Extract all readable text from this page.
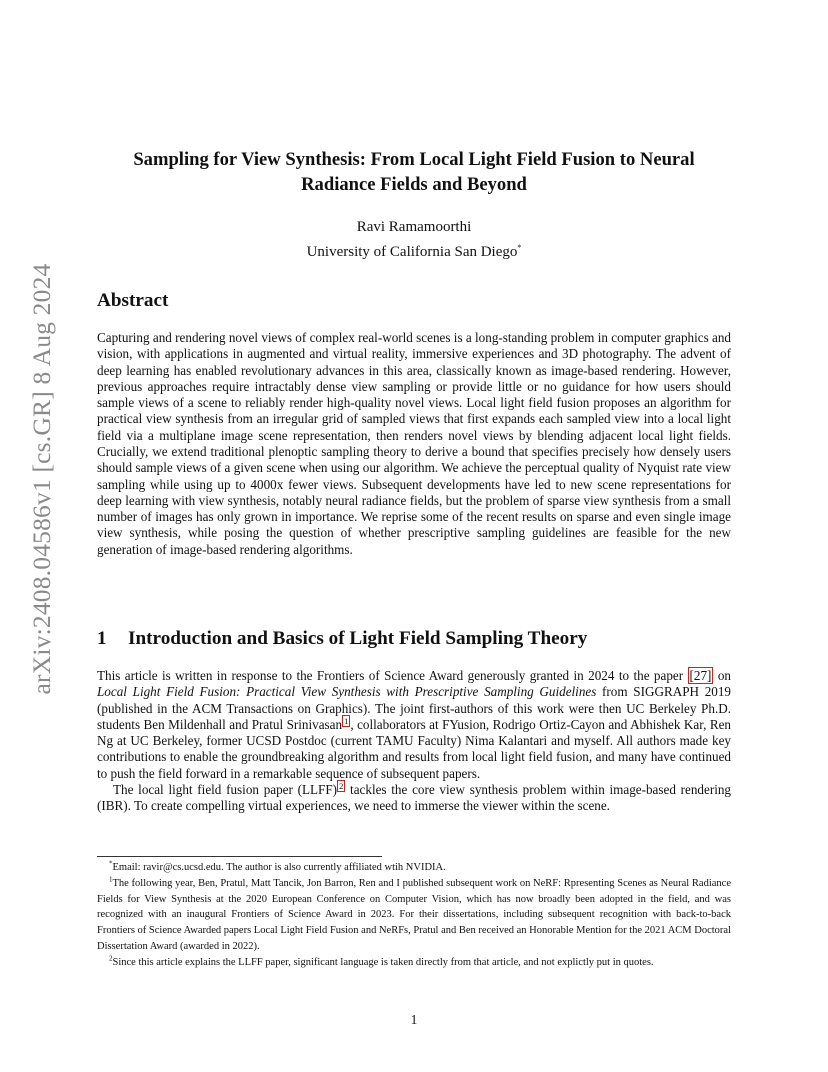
arXiv:2408.04586v1 [cs.GR] 8 Aug 2024
Sampling for View Synthesis: From Local Light Field Fusion to Neural
Radiance Fields and Beyond
Ravi Ramamoorthi
University of California San Diego*
Abstract
Capturing and rendering novel views of complex real-world scenes is a long-standing problem in computer graphics and vision, with applications in augmented and virtual reality, immersive experiences and 3D photography. The advent of deep learning has enabled revolutionary advances in this area, classically known as image-based rendering. However, previous approaches require intractably dense view sampling or provide little or no guidance for how users should sample views of a scene to reliably render high-quality novel views. Local light field fusion proposes an algorithm for practical view synthesis from an irregular grid of sampled views that first expands each sampled view into a local light field via a multiplane image scene representation, then renders novel views by blending adjacent local light fields. Crucially, we extend traditional plenoptic sampling theory to derive a bound that specifies precisely how densely users should sample views of a given scene when using our algorithm. We achieve the perceptual quality of Nyquist rate view sampling while using up to 4000x fewer views. Subsequent developments have led to new scene representations for deep learning with view synthesis, notably neural radiance fields, but the problem of sparse view synthesis from a small number of images has only grown in importance. We reprise some of the recent results on sparse and even single image view synthesis, while posing the question of whether prescriptive sampling guidelines are feasible for the new generation of image-based rendering algorithms.
1 Introduction and Basics of Light Field Sampling Theory

This article is written in response to the Frontiers of Science Award generously granted in 2024 to the paper [27] on Local Light Field Fusion: Practical View Synthesis with Prescriptive Sampling Guidelines from SIGGRAPH 2019 (published in the ACM Transactions on Graphics). The joint first-authors of this work were then UC Berkeley Ph.D. students Ben Mildenhall and Pratul Srinivasan $^1$ , collaborators at FYusion, Rodrigo Ortiz-Cayon and Abhishek Kar, Ren Ng at UC Berkeley, former UCSD Postdoc (current TAMU Faculty) Nima Kalantari and myself. All authors made key contributions to enable the groundbreaking algorithm and results from local light field fusion, and many have continued to push the field forward in a remarkable sequence of subsequent papers.

The local light field fusion paper (LLFF) $^2$ tackles the core view synthesis problem within image-based rendering (IBR). To create compelling virtual experiences, we need to immerse the viewer within the scene.

*Email: ravir@cs.ucsd.edu. The author is also currently affiliated wtih NVIDIA.

$^1$The following year, Ben, Pratul, Matt Tancik, Jon Barron, Ren and I published subsequent work on NeRF: Rpresenting Scenes as Neural Radiance Fields for View Synthesis at the 2020 European Conference on Computer Vision, which has now broadly been adopted in the field, and was recognized with an inaugural Frontiers of Science Award in 2023. For their dissertations, including subsequent recognition with back-to-back Frontiers of Science Awarded papers Local Light Field Fusion and NeRFs, Pratul and Ben received an Honorable Mention for the 2021 ACM Doctoral Dissertation Award (awarded in 2022).

$^2$Since this article explains the LLFF paper, significant language is taken directly from that article, and not explictly put in quotes.

1
